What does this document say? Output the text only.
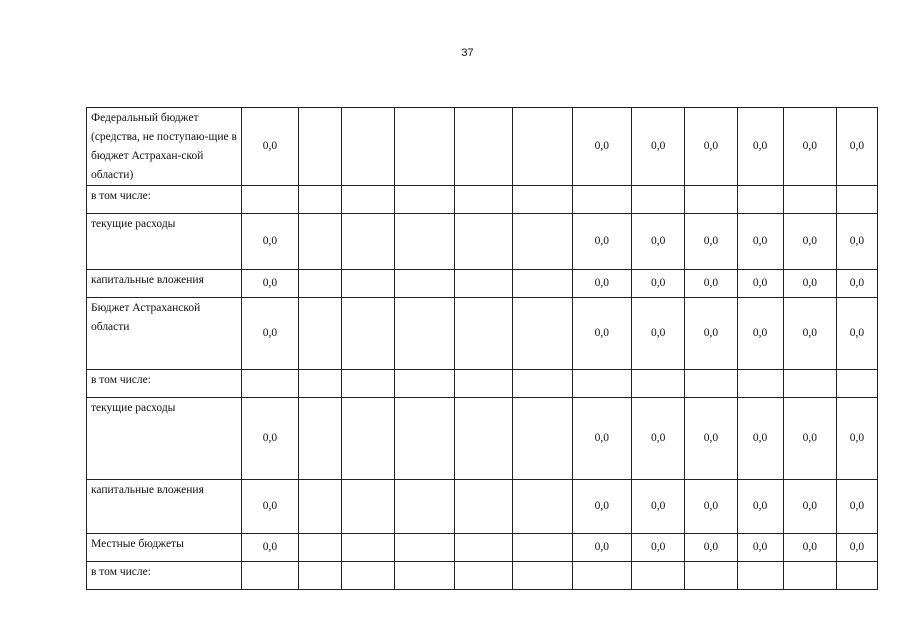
37
Федеральный бюджет (средства, не поступаю-щие в бюджет Астрахан-ской области)	0,0						0,0	0,0	0,0	0,0	0,0	0,0
в том числе:												
текущие расходы	0,0						0,0	0,0	0,0	0,0	0,0	0,0
капитальные вложения	0,0						0,0	0,0	0,0	0,0	0,0	0,0
Бюджет Астраханской области	0,0						0,0	0,0	0,0	0,0	0,0	0,0
в том числе:												
текущие расходы	0,0						0,0	0,0	0,0	0,0	0,0	0,0
капитальные вложения	0,0						0,0	0,0	0,0	0,0	0,0	0,0
Местные бюджеты	0,0						0,0	0,0	0,0	0,0	0,0	0,0
в том числе:												
